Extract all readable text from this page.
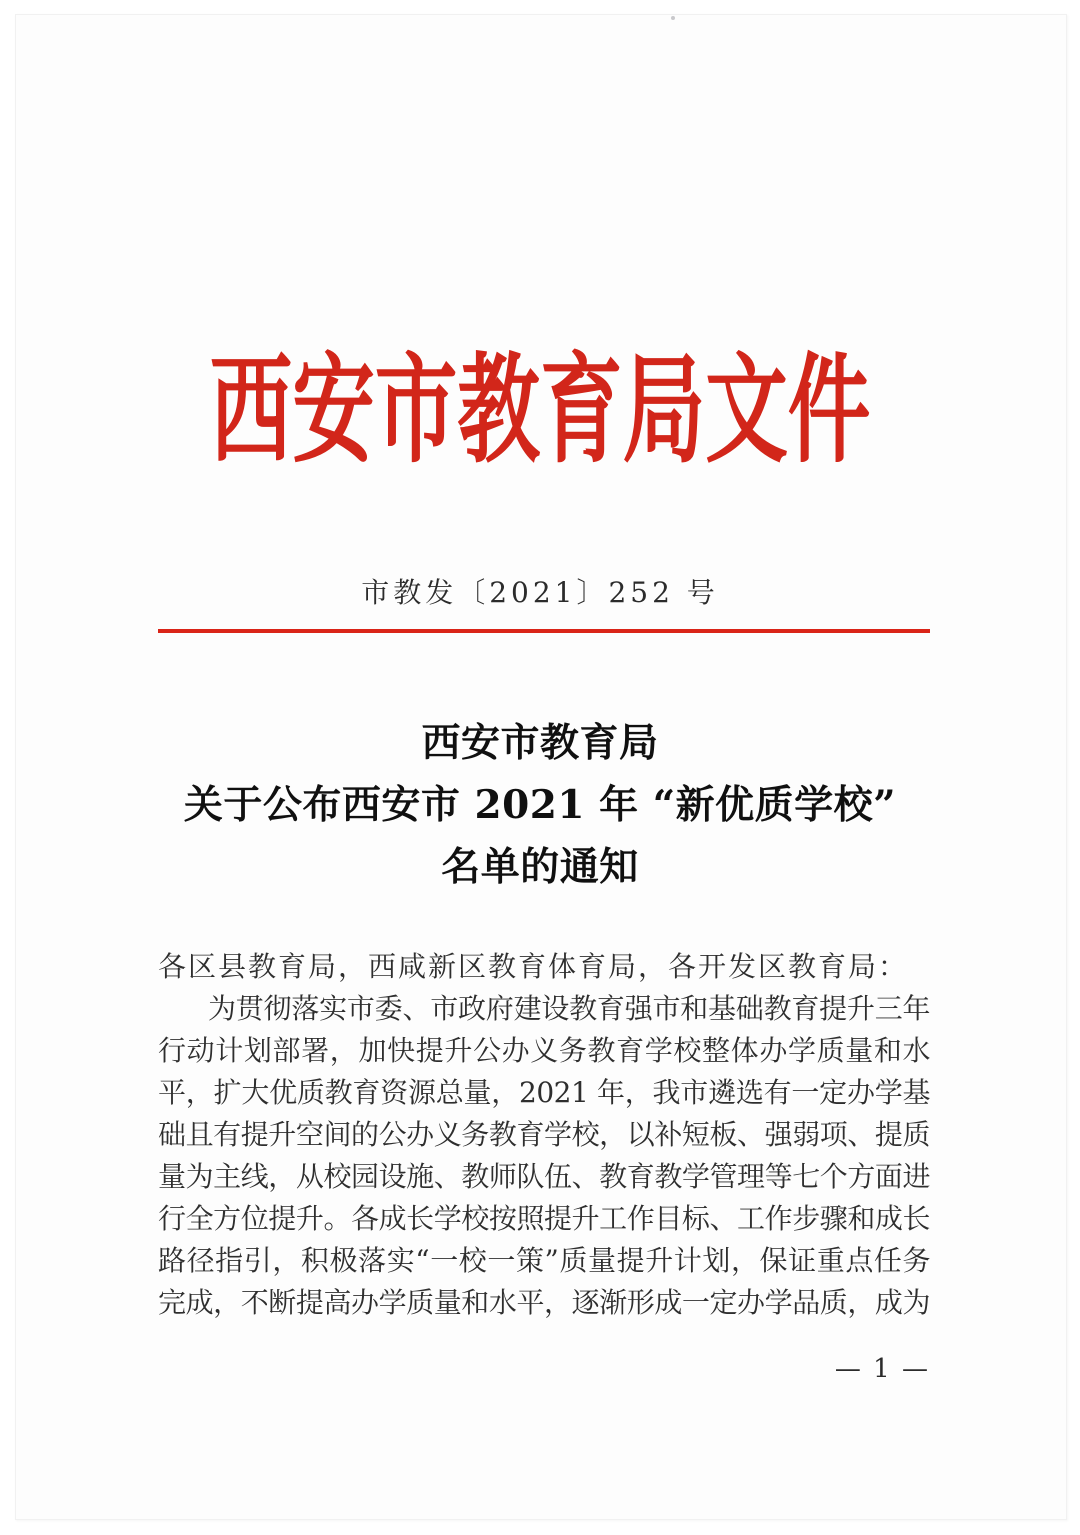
西安市教育局文件
市教发〔2021〕252 号
西安市教育局
关于公布西安市 2021 年 “新优质学校”
名单的通知
各区县教育局，西咸新区教育体育局，各开发区教育局：
为贯彻落实市委、市政府建设教育强市和基础教育提升三年
行动计划部署，加快提升公办义务教育学校整体办学质量和水
平，扩大优质教育资源总量，2021 年，我市遴选有一定办学基
础且有提升空间的公办义务教育学校，以补短板、强弱项、提质
量为主线，从校园设施、教师队伍、教育教学管理等七个方面进
行全方位提升。各成长学校按照提升工作目标、工作步骤和成长
路径指引，积极落实“一校一策”质量提升计划，保证重点任务
完成，不断提高办学质量和水平，逐渐形成一定办学品质，成为
— 1 —
